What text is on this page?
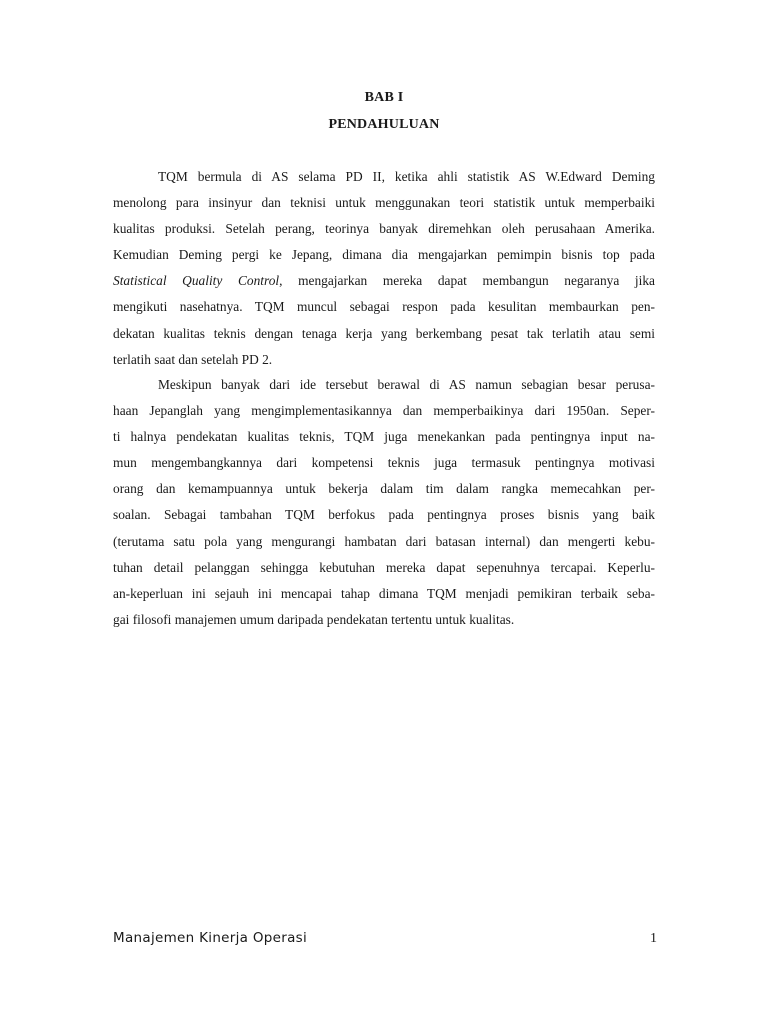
BAB I
PENDAHULUAN
TQM bermula di AS selama PD II, ketika ahli statistik AS W.Edward Deming
menolong para insinyur dan teknisi untuk menggunakan teori statistik untuk memperbaiki
kualitas produksi. Setelah perang, teorinya banyak diremehkan oleh perusahaan Amerika.
Kemudian Deming pergi ke Jepang, dimana dia mengajarkan pemimpin bisnis top pada
Statistical Quality Control, mengajarkan mereka dapat membangun negaranya jika
mengikuti nasehatnya. TQM muncul sebagai respon pada kesulitan membaurkan pen-
dekatan kualitas teknis dengan tenaga kerja yang berkembang pesat tak terlatih atau semi
terlatih saat dan setelah PD 2.
Meskipun banyak dari ide tersebut berawal di AS namun sebagian besar perusa-
haan Jepanglah yang mengimplementasikannya dan memperbaikinya dari 1950an. Seper-
ti halnya pendekatan kualitas teknis, TQM juga menekankan pada pentingnya input na-
mun mengembangkannya dari kompetensi teknis juga termasuk pentingnya motivasi
orang dan kemampuannya untuk bekerja dalam tim dalam rangka memecahkan per-
soalan. Sebagai tambahan TQM berfokus pada pentingnya proses bisnis yang baik
(terutama satu pola yang mengurangi hambatan dari batasan internal) dan mengerti kebu-
tuhan detail pelanggan sehingga kebutuhan mereka dapat sepenuhnya tercapai. Keperlu-
an-keperluan ini sejauh ini mencapai tahap dimana TQM menjadi pemikiran terbaik seba-
gai filosofi manajemen umum daripada pendekatan tertentu untuk kualitas.
Manajemen Kinerja Operasi	1
